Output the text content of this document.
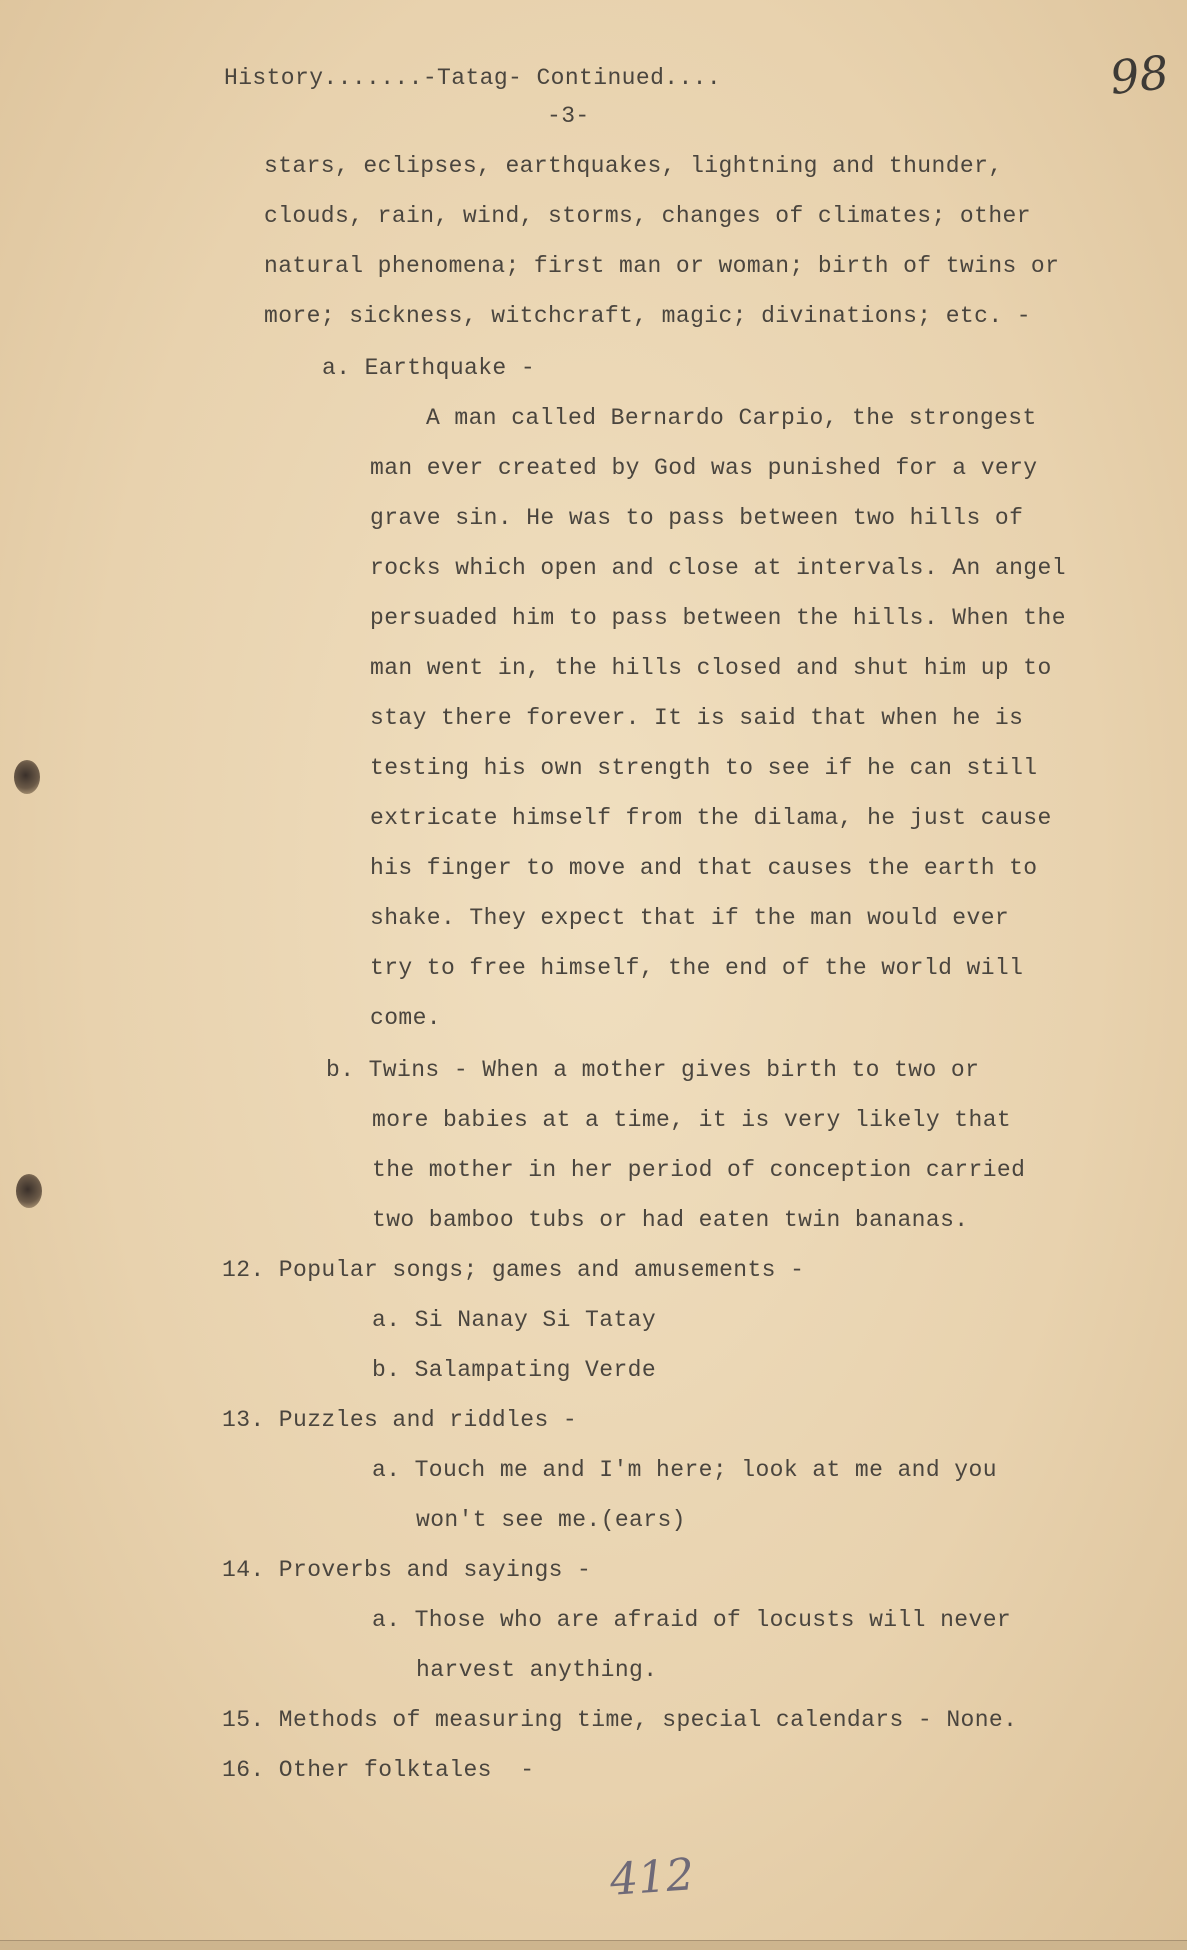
History.......-Tatag- Continued....
-3-
98
stars, eclipses, earthquakes, lightning and thunder,
clouds, rain, wind, storms, changes of climates; other
natural phenomena; first man or woman; birth of twins or
more; sickness, witchcraft, magic; divinations; etc. -
a. Earthquake -
A man called Bernardo Carpio, the strongest
man ever created by God was punished for a very
grave sin. He was to pass between two hills of
rocks which open and close at intervals. An angel
persuaded him to pass between the hills. When the
man went in, the hills closed and shut him up to
stay there forever. It is said that when he is
testing his own strength to see if he can still
extricate himself from the dilama, he just cause
his finger to move and that causes the earth to
shake. They expect that if the man would ever
try to free himself, the end of the world will
come.
b. Twins - When a mother gives birth to two or
more babies at a time, it is very likely that
the mother in her period of conception carried
two bamboo tubs or had eaten twin bananas.
12. Popular songs; games and amusements -
a. Si Nanay Si Tatay
b. Salampating Verde
13. Puzzles and riddles -
a. Touch me and I'm here; look at me and you
won't see me.(ears)
14. Proverbs and sayings -
a. Those who are afraid of locusts will never
harvest anything.
15. Methods of measuring time, special calendars - None.
16. Other folktales  -
412
